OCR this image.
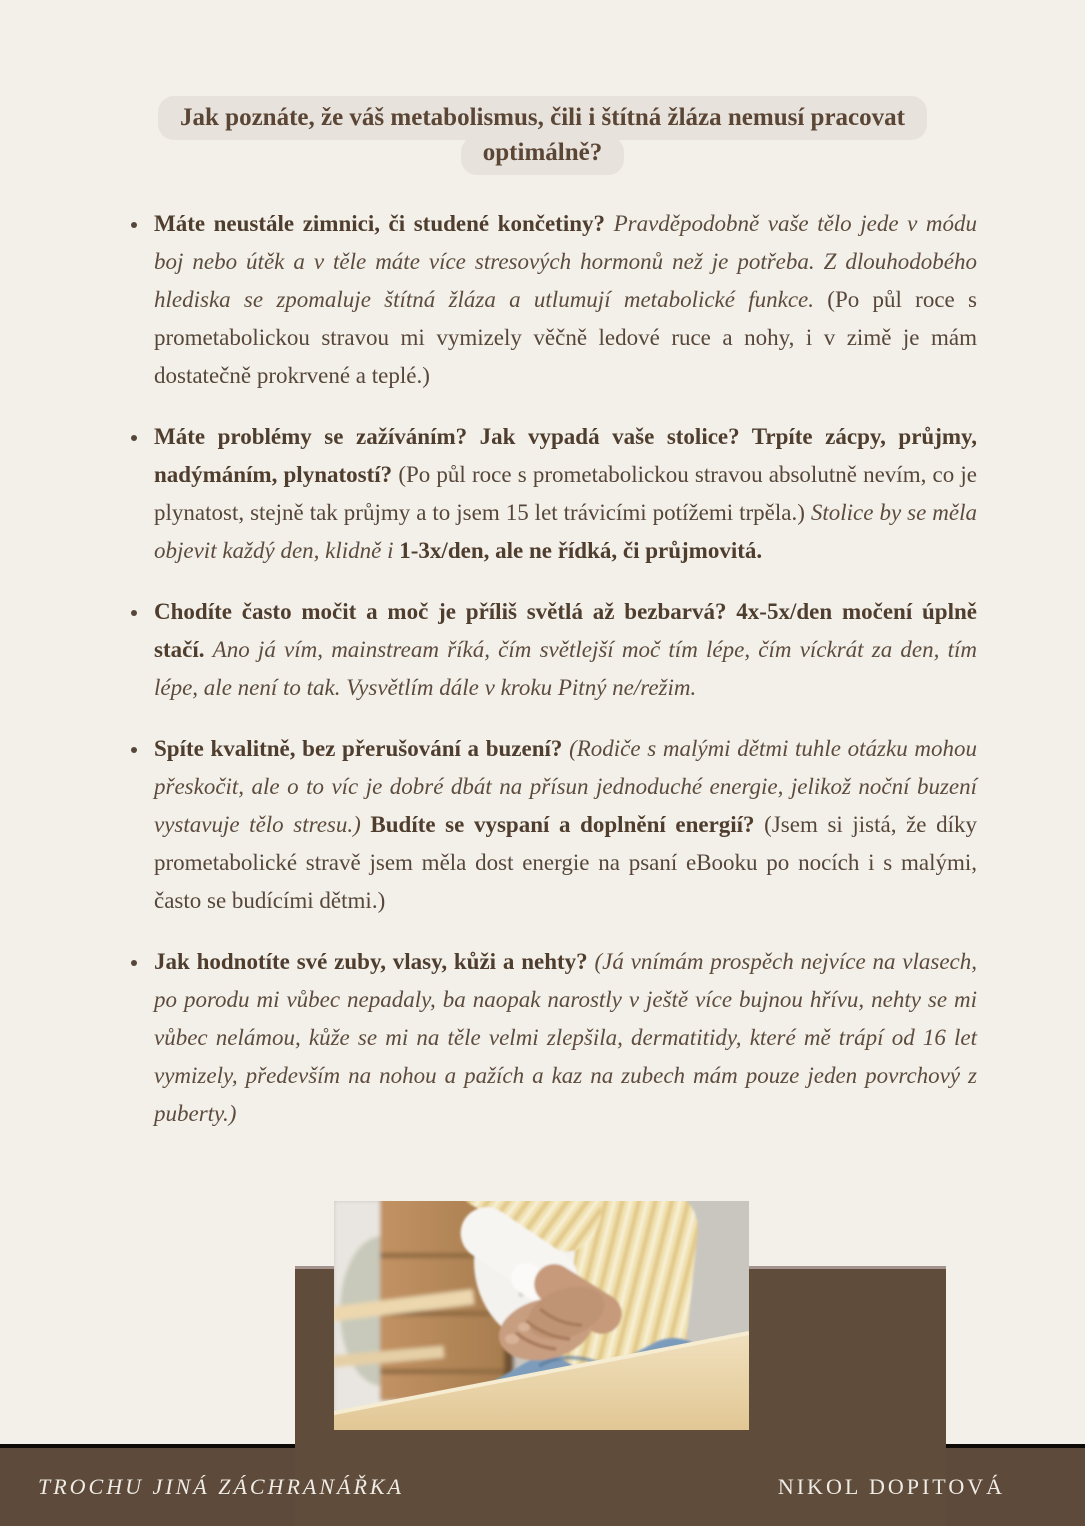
Jak poznáte, že váš metabolismus, čili i štítná žláza nemusí pracovat
optimálně?
• Máte neustále zimnici, či studené končetiny? Pravděpodobně vaše tělo jede v módu boj nebo útěk a v těle máte více stresových hormonů než je potřeba. Z dlouhodobého hlediska se zpomaluje štítná žláza a utlumují metabolické funkce. (Po půl roce s prometabolickou stravou mi vymizely věčně ledové ruce a nohy, i v zimě je mám dostatečně prokrvené a teplé.)
• Máte problémy se zažíváním? Jak vypadá vaše stolice? Trpíte zácpy, průjmy, nadýmáním, plynatostí? (Po půl roce s prometabolickou stravou absolutně nevím, co je plynatost, stejně tak průjmy a to jsem 15 let trávicími potížemi trpěla.) Stolice by se měla objevit každý den, klidně i 1-3x/den, ale ne řídká, či průjmovitá.
• Chodíte často močit a moč je příliš světlá až bezbarvá? 4x-5x/den močení úplně stačí. Ano já vím, mainstream říká, čím světlejší moč tím lépe, čím víckrát za den, tím lépe, ale není to tak. Vysvětlím dále v kroku Pitný ne/režim.
• Spíte kvalitně, bez přerušování a buzení? (Rodiče s malými dětmi tuhle otázku mohou přeskočit, ale o to víc je dobré dbát na přísun jednoduché energie, jelikož noční buzení vystavuje tělo stresu.) Budíte se vyspaní a doplnění energií? (Jsem si jistá, že díky prometabolické stravě jsem měla dost energie na psaní eBooku po nocích i s malými, často se budícími dětmi.)
• Jak hodnotíte své zuby, vlasy, kůži a nehty? (Já vnímám prospěch nejvíce na vlasech, po porodu mi vůbec nepadaly, ba naopak narostly v ještě více bujnou hřívu, nehty se mi vůbec nelámou, kůže se mi na těle velmi zlepšila, dermatitidy, které mě trápí od 16 let vymizely, především na nohou a pažích a kaz na zubech mám pouze jeden povrchový z puberty.)
TROCHU JINÁ ZÁCHRANÁŘKA	NIKOL DOPITOVÁ
